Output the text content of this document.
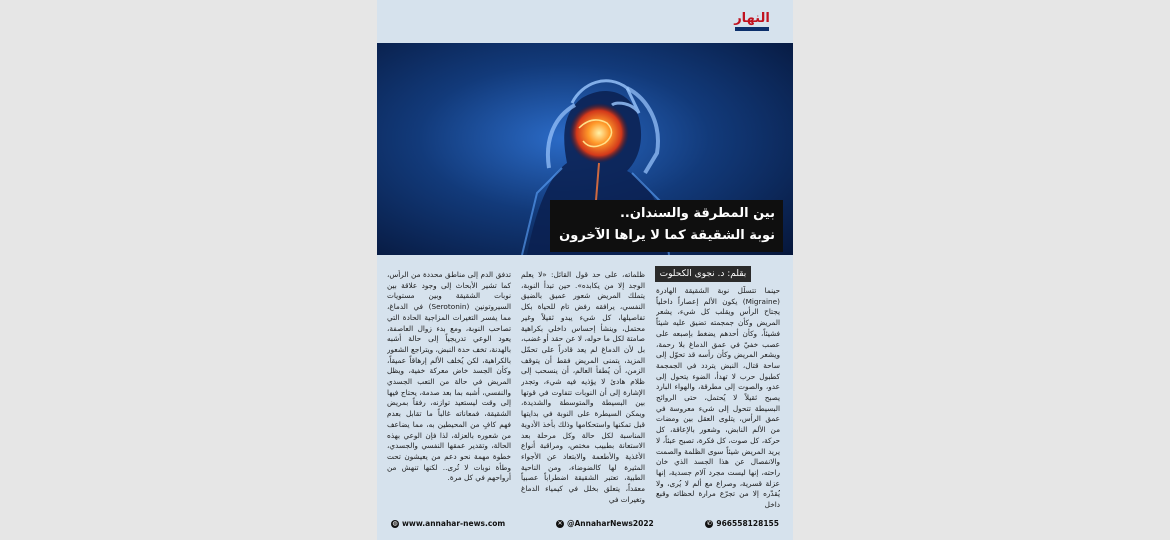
النهار
بين المطرقة والسندان..
نوبة الشقيقة كما لا يراها الآخرون
بقلم: د. نجوى الكحلوت
حينما تتسلّل نوبة الشقيقة الهادرة (Migraine) يكون الألم إعصاراً داخلياً يجتاح الرأس ويقلب كل شيء، يشعر المريض وكأن جمجمته تضيق عليه شيئاً فشيئاً، وكأن أحدهم يضغط بإصبعه على عصب خفيّ في عمق الدماغ بلا رحمة، ويشعر المريض وكأن رأسه قد تحوّل إلى ساحة قتال، النبض يتردد في الجمجمة كطبول حرب لا تهدأ، الضوء يتحول إلى عدو، والصوت إلى مطرقة، والهواء البارد يصبح ثقيلاً لا يُحتمل، حتى الروائح البسيطة تتحول إلى شيء معروسة في عمق الرأس، يتلوى العقل بين ومضات من الألم النابض، وشعور بالإعاقة، كل حركة، كل صوت، كل فكرة، تصبح عبئاً، لا يريد المريض شيئاً سوى الظلمة والصمت والانفصال عن هذا الجسد الذي خان راحته، إنها ليست مجرد آلام جسدية، إنها عزلة قسرية، وصراع مع ألم لا يُرى، ولا يُقدّره إلا من تجرّع مرارة لحظاته وقبع داخل
ظلماته، على حد قول القائل: «لا يعلم الوجد إلا من يكابده». حين تبدأ النوبة، يتملك المريض شعور عميق بالضيق النفسي، يرافقه رفض تام للحياة بكل تفاصيلها، كل شيء يبدو ثقيلاً وغير محتمل، وينشأ إحساس داخلي بكراهية صامتة لكل ما حوله، لا عن حقد أو غضب، بل لأن الدماغ لم يعد قادراً على تحمّل المزيد، يتمنى المريض فقط أن يتوقف الزمن، أن يُطفأ العالم، أن ينسحب إلى ظلام هادئ لا يؤذيه فيه شيء، وتجدر الإشارة إلى أن النوبات تتفاوت في قوتها بين البسيطة والمتوسطة والشديدة، ويمكن السيطرة على النوبة في بدايتها قبل تمكنها واستحكامها وذلك بأخذ الأدوية المناسبة لكل حالة وكل مرحلة بعد الاستعانة بطبيب مختص، ومراقبة أنواع الأغذية والأطعمة والابتعاد عن الأجواء المثيرة لها كالضوضاء، ومن الناحية الطبية، تعتبر الشقيقة اضطراباً عصبياً معقداً، يتعلق بخلل في كيمياء الدماغ وتغيرات في
تدفق الدم إلى مناطق محددة من الرأس، كما تشير الأبحاث إلى وجود علاقة بين نوبات الشقيقة وبين مستويات السيروتونين (Serotonin) في الدماغ، مما يفسر التغيرات المزاجية الحادة التي تصاحب النوبة، ومع بدء زوال العاصفة، يعود الوعي تدريجياً إلى حالة أشبه بالهدنة، تخف حدة النبض، ويتراجع الشعور بالكراهية، لكن يُخلف الألم إرهاقاً عميقاً، وكأن الجسد خاض معركة خفية، ويظل المريض في حالة من التعب الجسدي والنفسي، أشبه بما بعد صدمة، يحتاج فيها إلى وقت ليستعيد توازنه، رفقاً بمريض الشقيقة، فمعاناته غالباً ما تقابل بعدم فهم كافٍ من المحيطين به، مما يضاعف من شعوره بالعزلة، لذا فإن الوعي بهذه الحالة، وتقدير عمقها النفسي والجسدي، خطوة مهمة نحو دعم من يعيشون تحت وطأة نوبات لا تُرى.. لكنها تنهش من أرواحهم في كل مرة.
◍ www.annahar-news.com	✕ @AnnaharNews2022	✆ 966558128155
